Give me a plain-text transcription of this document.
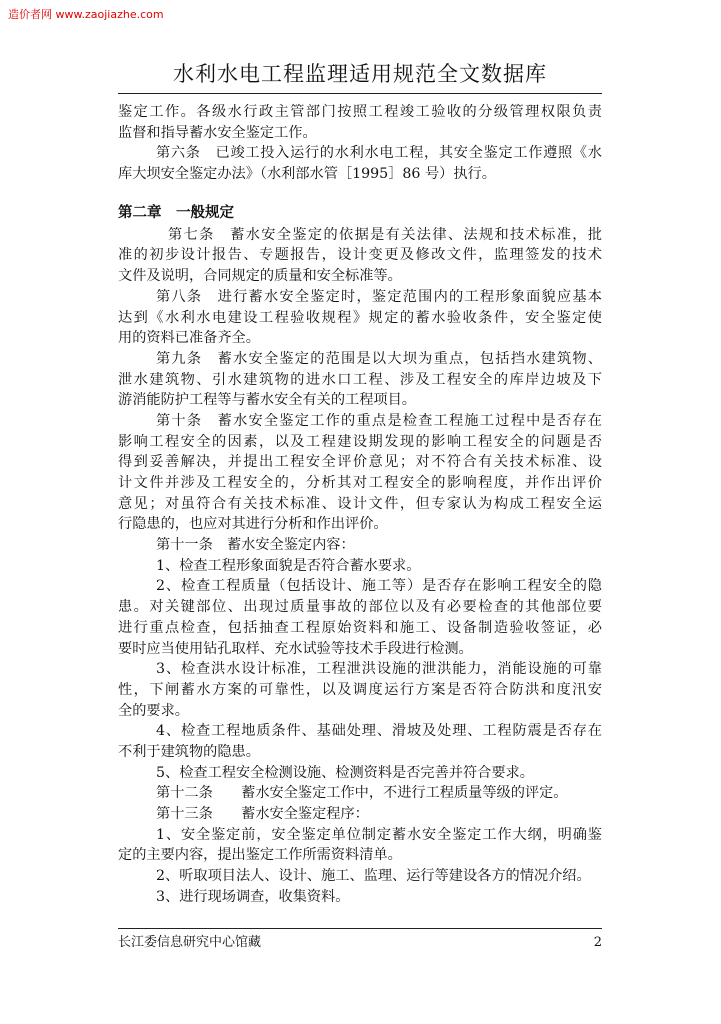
造价者网 www.zaojiazhe.com
水利水电工程监理适用规范全文数据库
鉴定工作。各级水行政主管部门按照工程竣工验收的分级管理权限负责
监督和指导蓄水安全鉴定工作。
第六条　已竣工投入运行的水利水电工程，其安全鉴定工作遵照《水
库大坝安全鉴定办法》（水利部水管［1995］86 号）执行。
第二章　一般规定
第七条　蓄水安全鉴定的依据是有关法律、法规和技术标准，批
准的初步设计报告、专题报告，设计变更及修改文件，监理签发的技术
文件及说明，合同规定的质量和安全标准等。
第八条　进行蓄水安全鉴定时，鉴定范围内的工程形象面貌应基本
达到《水利水电建设工程验收规程》规定的蓄水验收条件，安全鉴定使
用的资料已准备齐全。
第九条　蓄水安全鉴定的范围是以大坝为重点，包括挡水建筑物、
泄水建筑物、引水建筑物的进水口工程、涉及工程安全的库岸边坡及下
游消能防护工程等与蓄水安全有关的工程项目。
第十条　蓄水安全鉴定工作的重点是检查工程施工过程中是否存在
影响工程安全的因素，以及工程建设期发现的影响工程安全的问题是否
得到妥善解决，并提出工程安全评价意见；对不符合有关技术标准、设
计文件并涉及工程安全的，分析其对工程安全的影响程度，并作出评价
意见；对虽符合有关技术标准、设计文件，但专家认为构成工程安全运
行隐患的，也应对其进行分析和作出评价。
第十一条　蓄水安全鉴定内容：
1、检查工程形象面貌是否符合蓄水要求。
2、检查工程质量（包括设计、施工等）是否存在影响工程安全的隐
患。对关键部位、出现过质量事故的部位以及有必要检查的其他部位要
进行重点检查，包括抽查工程原始资料和施工、设备制造验收签证，必
要时应当使用钻孔取样、充水试验等技术手段进行检测。
3、检查洪水设计标准，工程泄洪设施的泄洪能力，消能设施的可靠
性，下闸蓄水方案的可靠性，以及调度运行方案是否符合防洪和度汛安
全的要求。
4、检查工程地质条件、基础处理、滑坡及处理、工程防震是否存在
不利于建筑物的隐患。
5、检查工程安全检测设施、检测资料是否完善并符合要求。
第十二条　　蓄水安全鉴定工作中，不进行工程质量等级的评定。
第十三条　　蓄水安全鉴定程序：
1、安全鉴定前，安全鉴定单位制定蓄水安全鉴定工作大纲，明确鉴
定的主要内容，提出鉴定工作所需资料清单。
2、听取项目法人、设计、施工、监理、运行等建设各方的情况介绍。
3、进行现场调查，收集资料。
长江委信息研究中心馆藏	2
